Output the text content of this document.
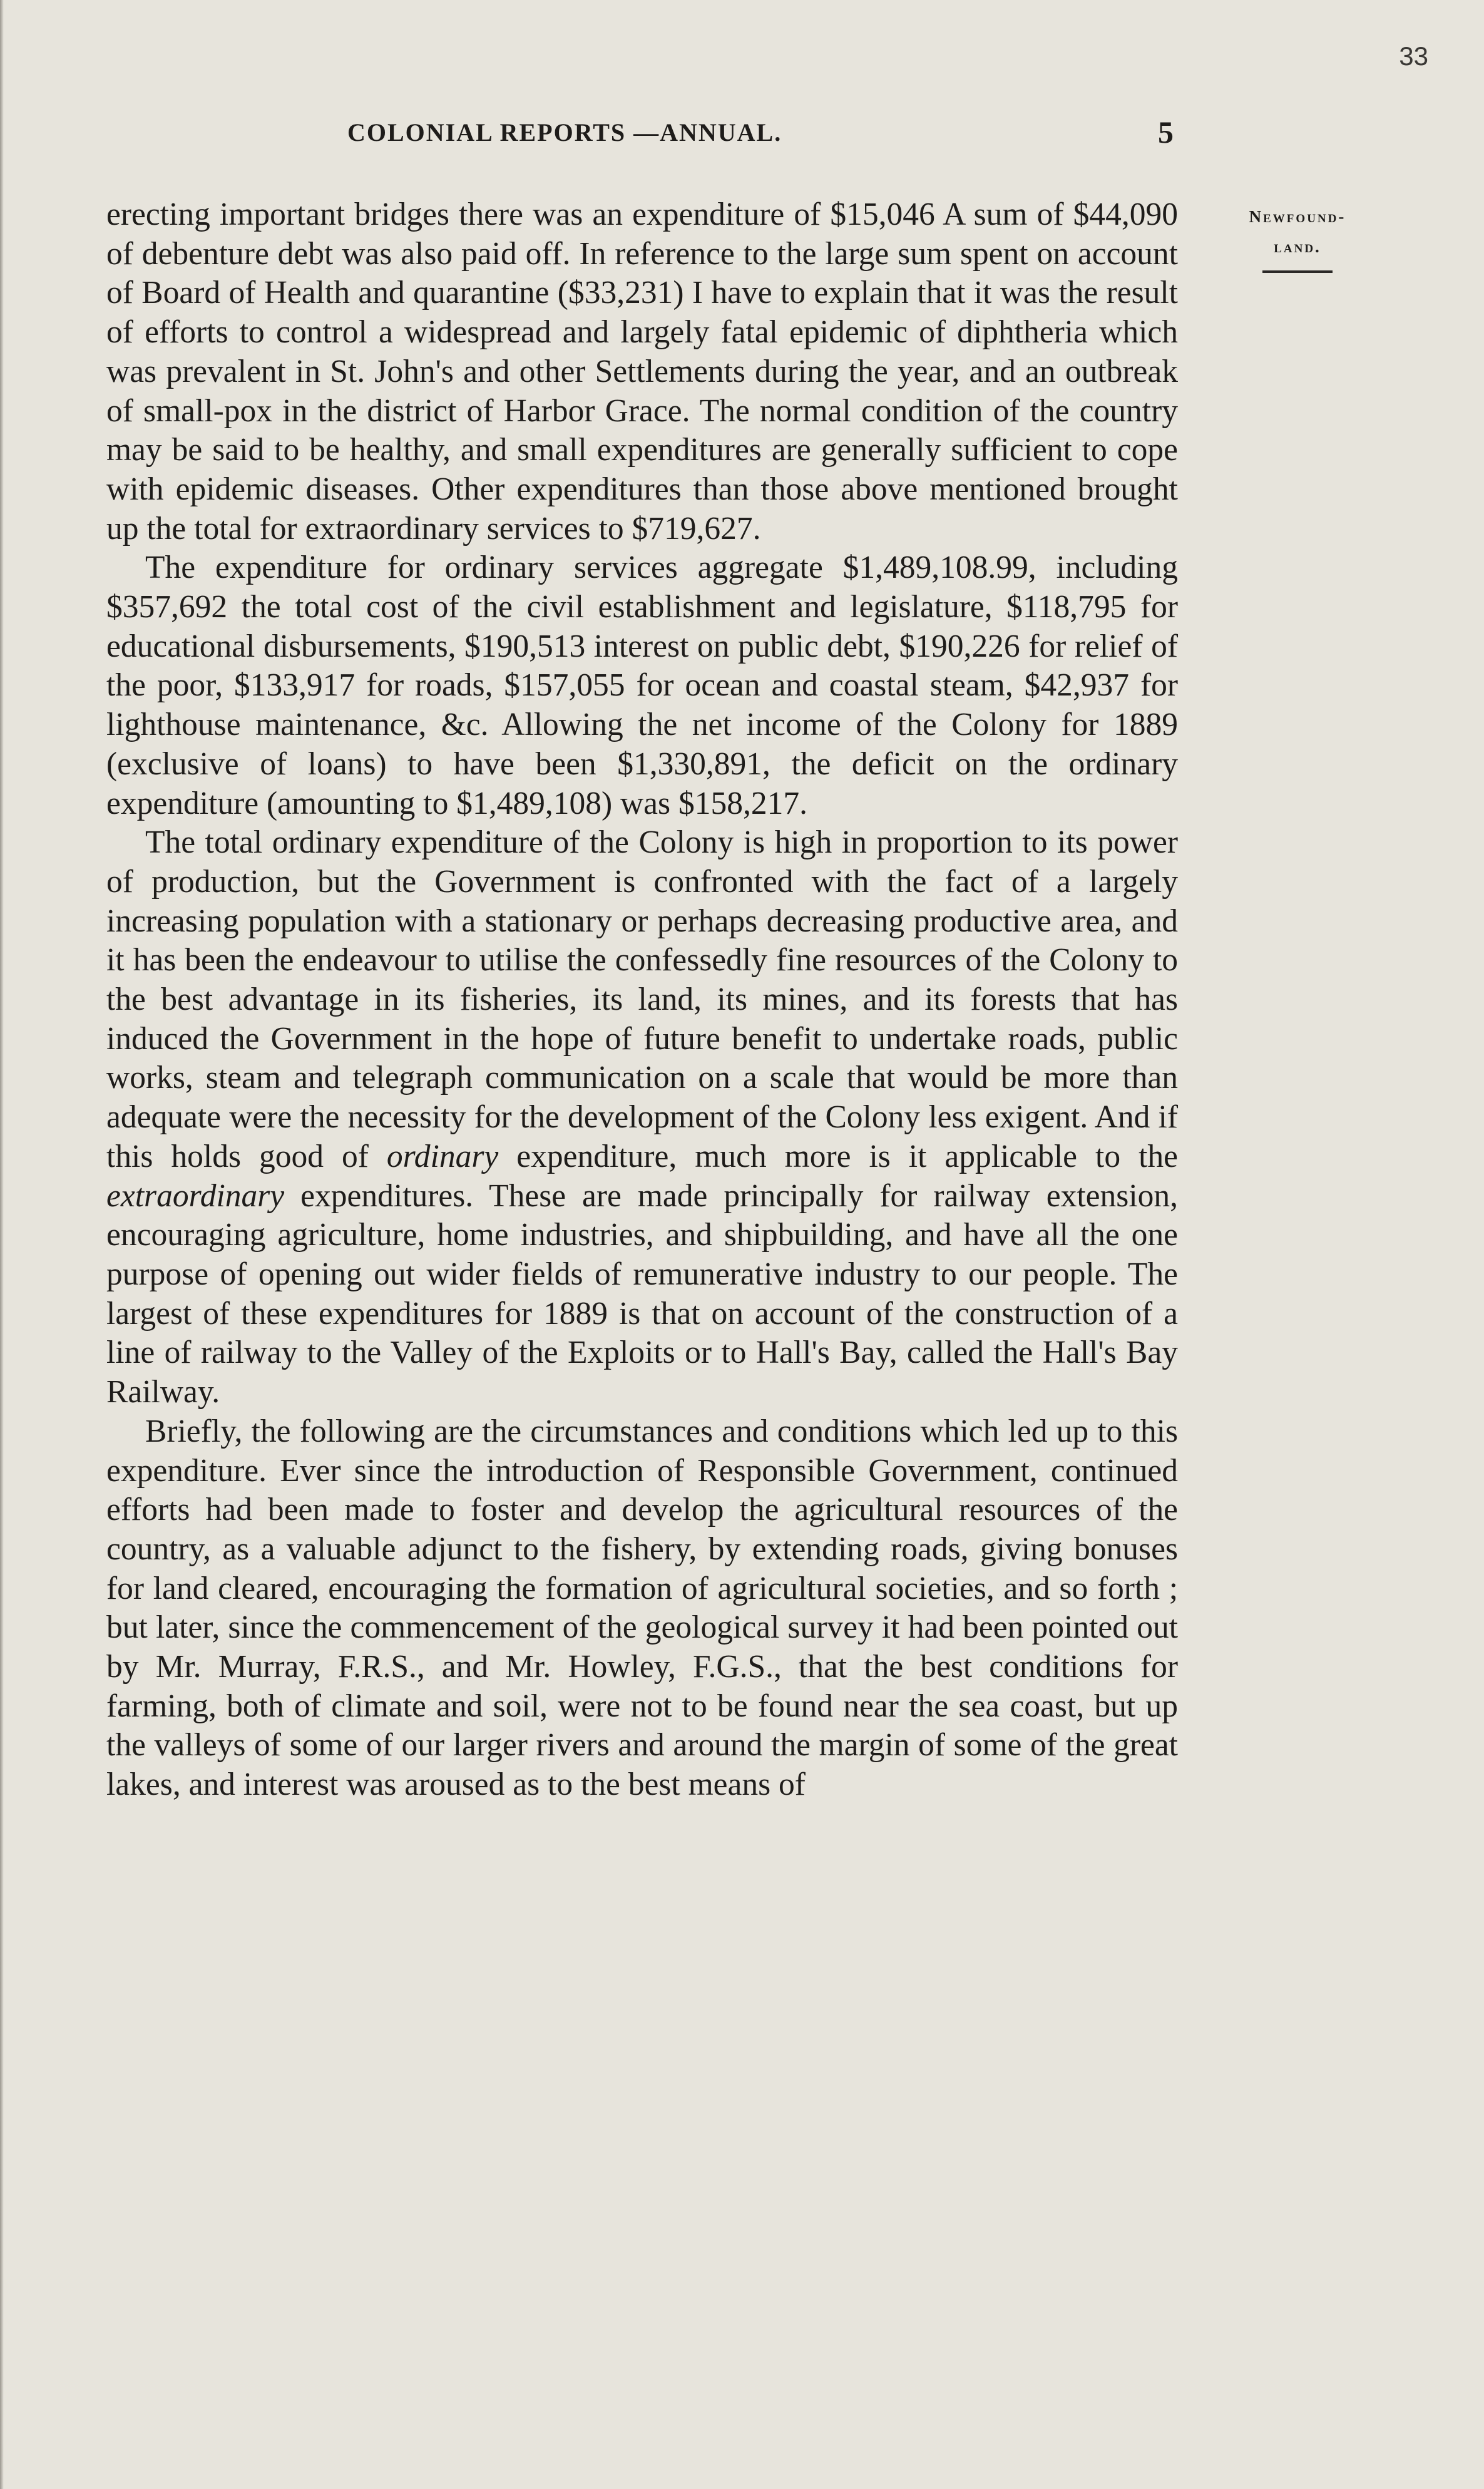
33
COLONIAL REPORTS —ANNUAL.	5
Newfound-
land.

erecting important bridges there was an expenditure of $15,046 A sum of $44,090 of debenture debt was also paid off. In reference to the large sum spent on account of Board of Health and quarantine ($33,231) I have to explain that it was the result of efforts to control a widespread and largely fatal epidemic of diphtheria which was prevalent in St. John's and other Settlements during the year, and an outbreak of small-pox in the district of Harbor Grace. The normal condition of the country may be said to be healthy, and small expenditures are generally sufficient to cope with epidemic diseases. Other expenditures than those above mentioned brought up the total for extraordinary services to $719,627.

The expenditure for ordinary services aggregate $1,489,108.99, including $357,692 the total cost of the civil establishment and legislature, $118,795 for educational disbursements, $190,513 interest on public debt, $190,226 for relief of the poor, $133,917 for roads, $157,055 for ocean and coastal steam, $42,937 for lighthouse maintenance, &c. Allowing the net income of the Colony for 1889 (exclusive of loans) to have been $1,330,891, the deficit on the ordinary expenditure (amounting to $1,489,108) was $158,217.

The total ordinary expenditure of the Colony is high in proportion to its power of production, but the Government is confronted with the fact of a largely increasing population with a stationary or perhaps decreasing productive area, and it has been the endeavour to utilise the confessedly fine resources of the Colony to the best advantage in its fisheries, its land, its mines, and its forests that has induced the Government in the hope of future benefit to undertake roads, public works, steam and telegraph communication on a scale that would be more than adequate were the necessity for the development of the Colony less exigent. And if this holds good of ordinary expenditure, much more is it applicable to the extraordinary expenditures. These are made principally for railway extension, encouraging agriculture, home industries, and shipbuilding, and have all the one purpose of opening out wider fields of remunerative industry to our people. The largest of these expenditures for 1889 is that on account of the construction of a line of railway to the Valley of the Exploits or to Hall's Bay, called the Hall's Bay Railway.

Briefly, the following are the circumstances and conditions which led up to this expenditure. Ever since the introduction of Responsible Government, continued efforts had been made to foster and develop the agricultural resources of the country, as a valuable adjunct to the fishery, by extending roads, giving bonuses for land cleared, encouraging the formation of agricultural societies, and so forth ; but later, since the commencement of the geological survey it had been pointed out by Mr. Murray, F.R.S., and Mr. Howley, F.G.S., that the best conditions for farming, both of climate and soil, were not to be found near the sea coast, but up the valleys of some of our larger rivers and around the margin of some of the great lakes, and interest was aroused as to the best means of
